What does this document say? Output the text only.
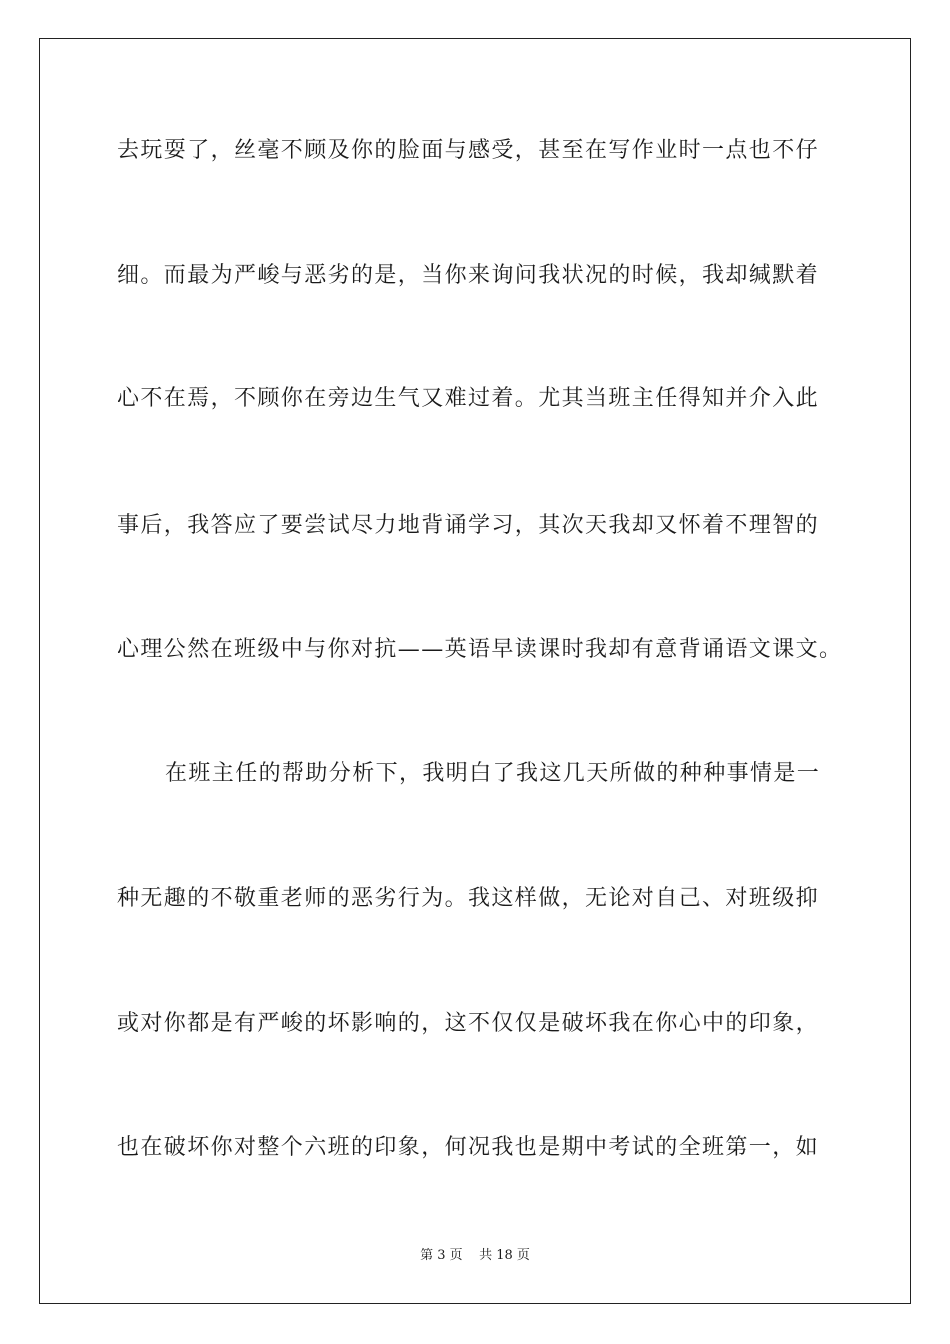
去玩耍了，丝毫不顾及你的脸面与感受，甚至在写作业时一点也不仔
细。而最为严峻与恶劣的是，当你来询问我状况的时候，我却缄默着
心不在焉，不顾你在旁边生气又难过着。尤其当班主任得知并介入此
事后，我答应了要尝试尽力地背诵学习，其次天我却又怀着不理智的
心理公然在班级中与你对抗——英语早读课时我却有意背诵语文课文。
在班主任的帮助分析下，我明白了我这几天所做的种种事情是一
种无趣的不敬重老师的恶劣行为。我这样做，无论对自己、对班级抑
或对你都是有严峻的坏影响的，这不仅仅是破坏我在你心中的印象，
也在破坏你对整个六班的印象，何况我也是期中考试的全班第一，如
第 3 页    共 18 页
